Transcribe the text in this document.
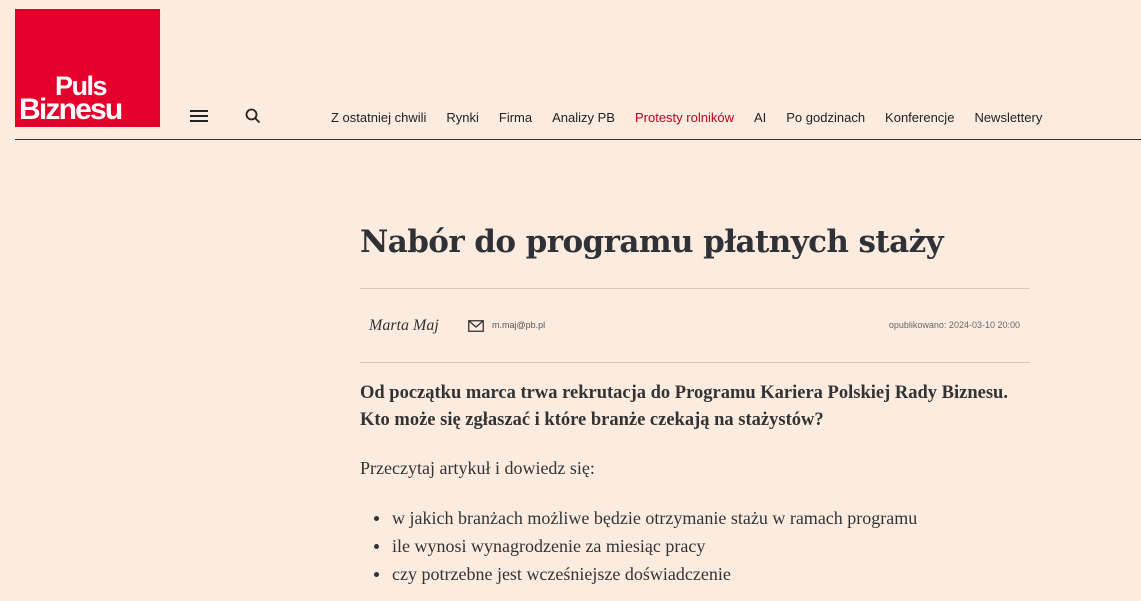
Puls
Biznesu	Z ostatniej chwili Rynki Firma Analizy PB Protesty rolników AI Po godzinach Konferencje Newslettery
Nabór do programu płatnych staży
Marta Maj	m.maj@pb.pl	opublikowano: 2024-03-10 20:00

Od początku marca trwa rekrutacja do Programu Kariera Polskiej Rady Biznesu. Kto może się zgłaszać i które branże czekają na stażystów?

Przeczytaj artykuł i dowiedz się:

w jakich branżach możliwe będzie otrzymanie stażu w ramach programu
ile wynosi wynagrodzenie za miesiąc pracy
czy potrzebne jest wcześniejsze doświadczenie
